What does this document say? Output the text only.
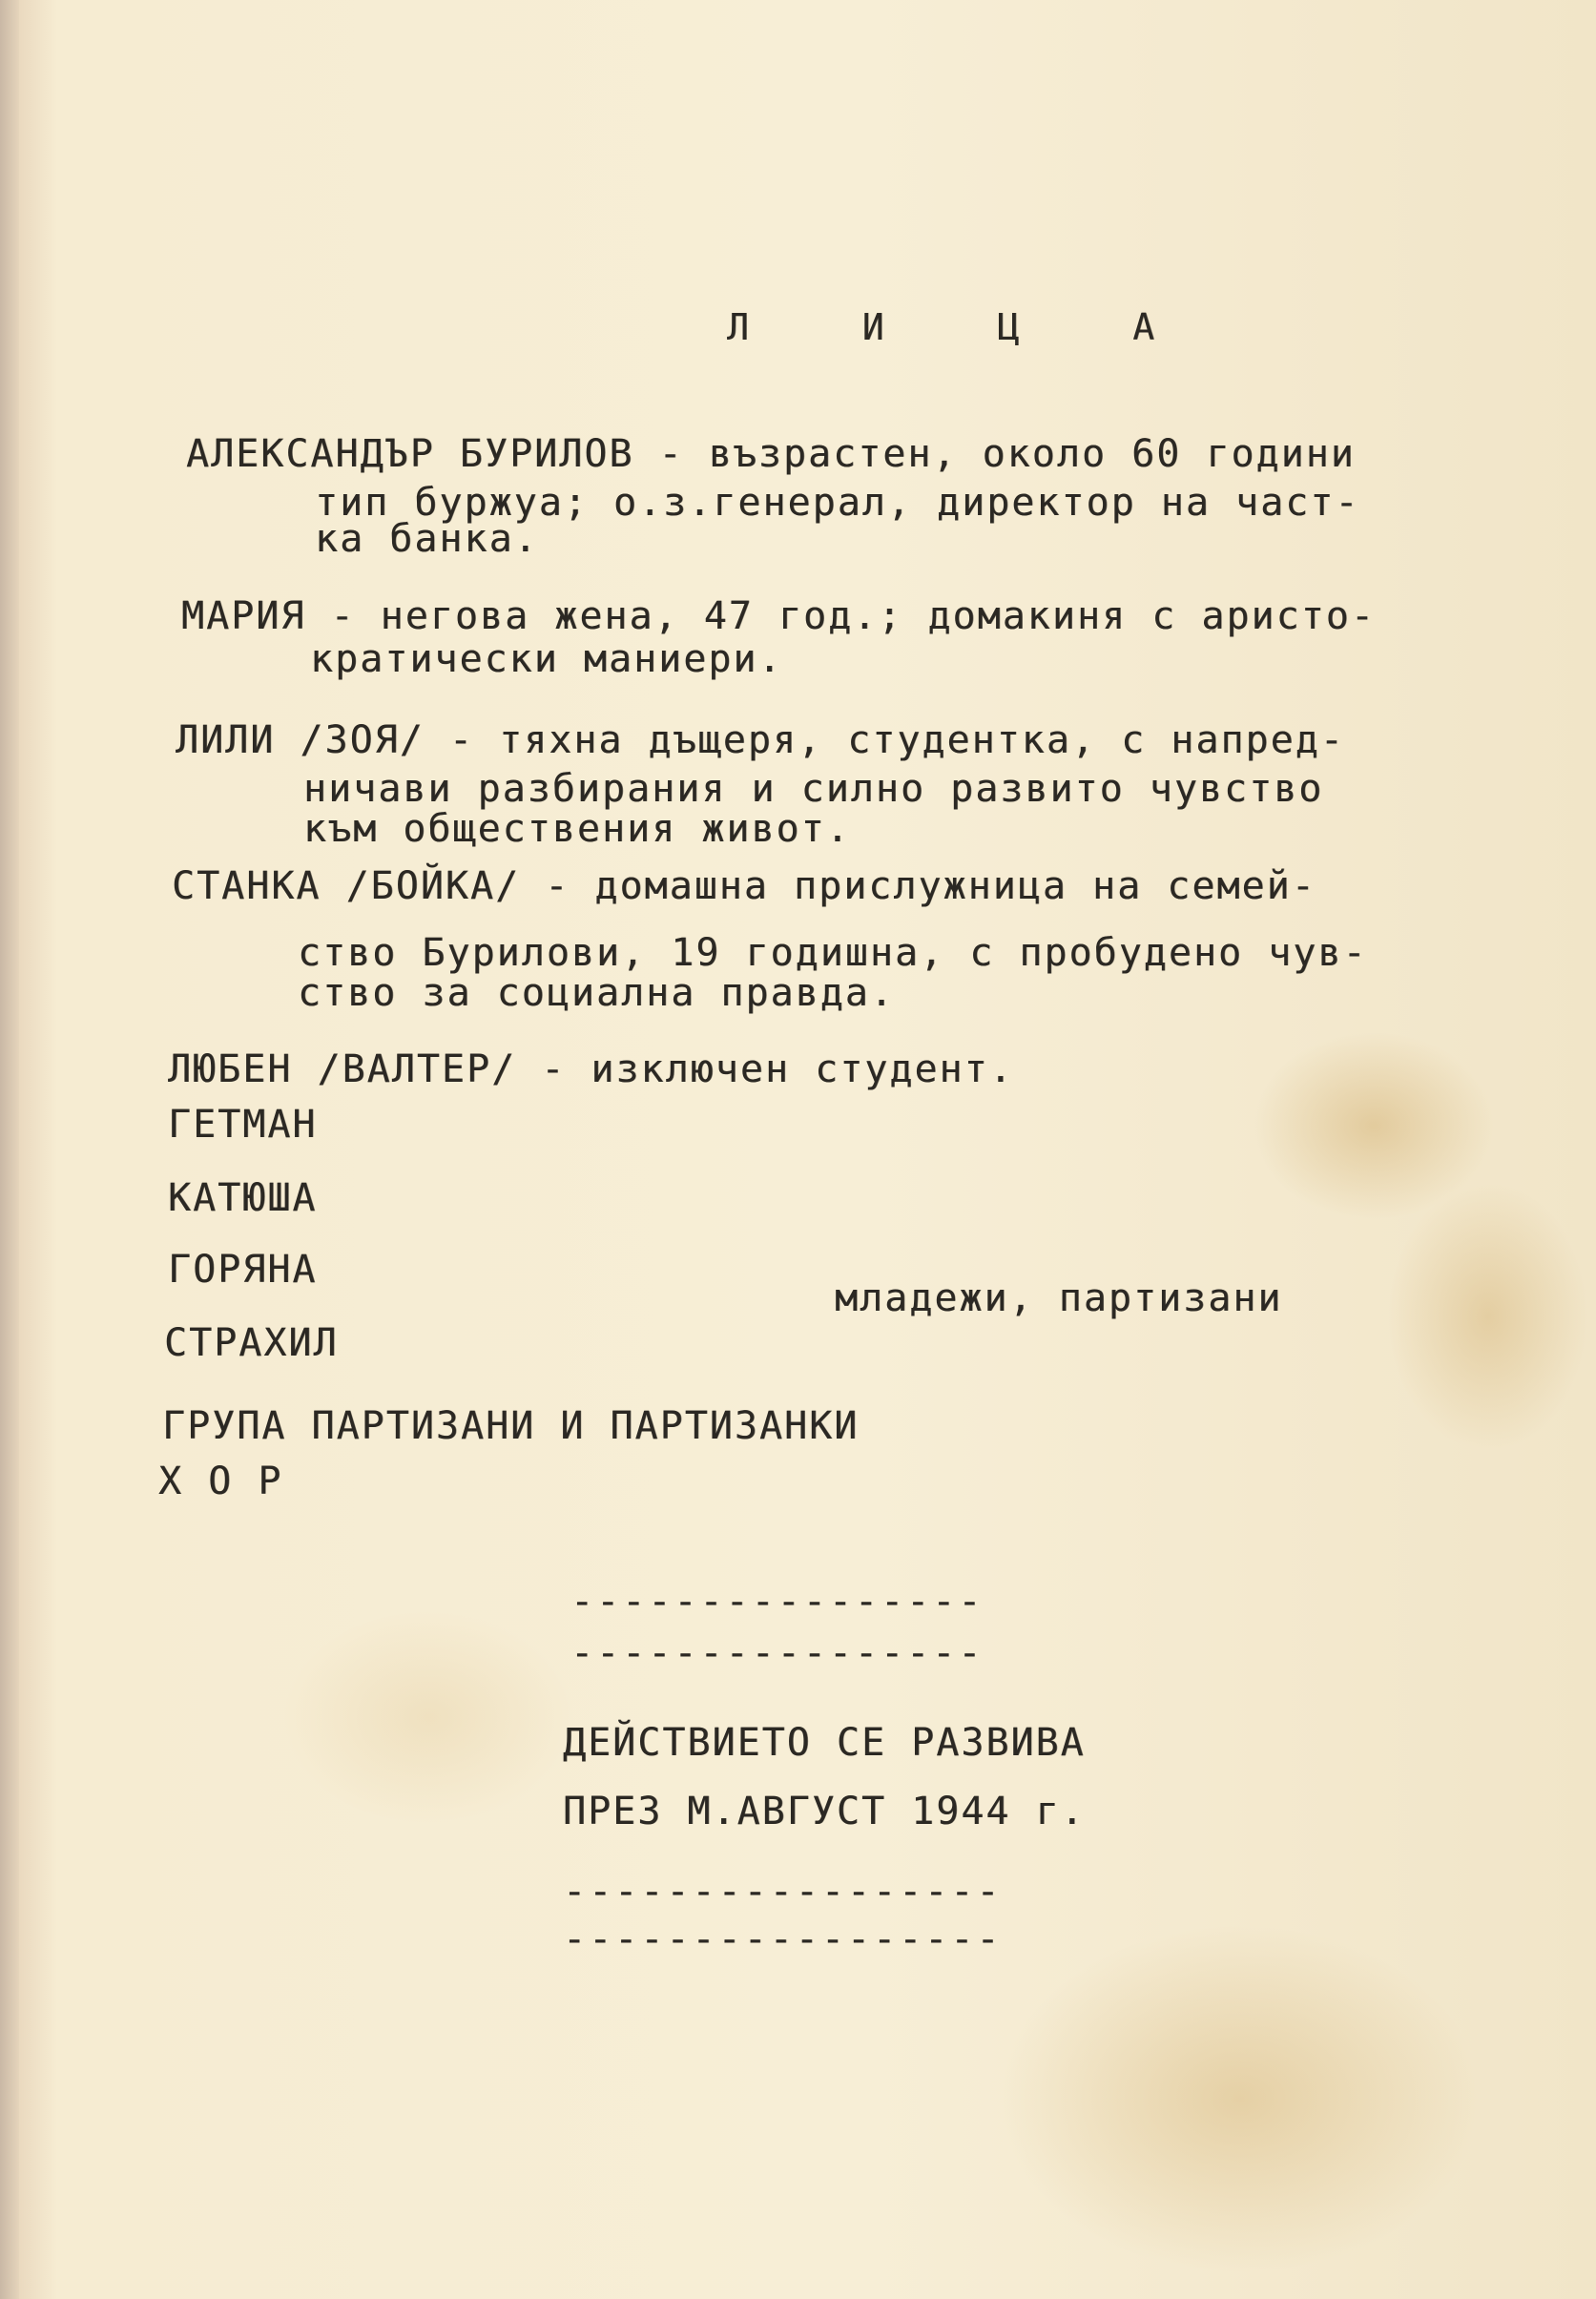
Л И Ц А
АЛЕКСАНДЪР БУРИЛОВ - възрастен, около 60 години
тип буржуа; о.з.генерал, директор на част-
ка банка.
МАРИЯ - негова жена, 47 год.; домакиня с аристо-
кратически маниери.
ЛИЛИ /ЗОЯ/ - тяхна дъщеря, студентка, с напред-
ничави разбирания и силно развито чувство
към обществения живот.
СТАНКА /БОЙКА/ - домашна прислужница на семей-
ство Бурилови, 19 годишна, с пробудено чув-
ство за социална правда.
ЛЮБЕН /ВАЛТЕР/ - изключен студент.
ГЕТМАН
КАТЮША
ГОРЯНА
младежи, партизани
СТРАХИЛ
ГРУПА ПАРТИЗАНИ И ПАРТИЗАНКИ
Х О Р
----------------
----------------
ДЕЙСТВИЕТО СЕ РАЗВИВА
ПРЕЗ М.АВГУСТ 1944 г.
-----------------
-----------------
